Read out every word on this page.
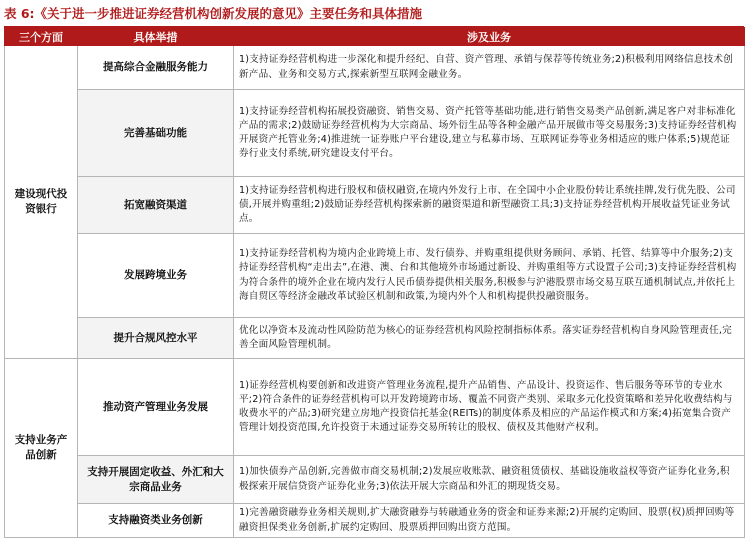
表 6:《关于进一步推进证券经营机构创新发展的意见》主要任务和具体措施
三个方面	具体举措	涉及业务
建设现代投资银行	提高综合金融服务能力	1)支持证券经营机构进一步深化和提升经纪、自营、资产管理、承销与保荐等传统业务;2)积极利用网络信息技术创新产品、业务和交易方式,探索新型互联网金融业务。
	完善基础功能	1)支持证券经营机构拓展投资融资、销售交易、资产托管等基础功能,进行销售交易类产品创新,满足客户对非标准化产品的需求;2)鼓励证券经营机构为大宗商品、场外衍生品等各种金融产品开展做市等交易服务;3)支持证券经营机构开展资产托管业务;4)推进统一证券账户平台建设,建立与私募市场、互联网证券等业务相适应的账户体系;5)规范证券行业支付系统,研究建设支付平台。
	拓宽融资渠道	1)支持证券经营机构进行股权和债权融资,在境内外发行上市、在全国中小企业股份转让系统挂牌,发行优先股、公司债,开展并购重组;2)鼓励证券经营机构探索新的融资渠道和新型融资工具;3)支持证券经营机构开展收益凭证业务试点。
	发展跨境业务	1)支持证券经营机构为境内企业跨境上市、发行债券、并购重组提供财务顾问、承销、托管、结算等中介服务;2)支持证券经营机构“走出去”,在港、澳、台和其他境外市场通过新设、并购重组等方式设置子公司;3)支持证券经营机构为符合条件的境外企业在境内发行人民币债券提供相关服务,积极参与沪港股票市场交易互联互通机制试点,并依托上海自贸区等经济金融改革试验区机制和政策,为境内外个人和机构提供投融资服务。
	提升合规风控水平	优化以净资本及流动性风险防范为核心的证券经营机构风险控制指标体系。落实证券经营机构自身风险管理责任,完善全面风险管理机制。
支持业务产品创新	推动资产管理业务发展	1)证券经营机构要创新和改进资产管理业务流程,提升产品销售、产品设计、投资运作、售后服务等环节的专业水平;2)符合条件的证券经营机构可以开发跨境跨市场、覆盖不同资产类别、采取多元化投资策略和差异化收费结构与收费水平的产品;3)研究建立房地产投资信托基金(REITs)的制度体系及相应的产品运作模式和方案;4)拓宽集合资产管理计划投资范围,允许投资于未通过证券交易所转让的股权、债权及其他财产权利。
	支持开展固定收益、外汇和大宗商品业务	1)加快债券产品创新,完善做市商交易机制;2)发展应收账款、融资租赁债权、基础设施收益权等资产证券化业务,积极探索开展信贷资产证券化业务;3)依法开展大宗商品和外汇的期现货交易。
	支持融资类业务创新	1)完善融资融券业务相关规则,扩大融资融券与转融通业务的资金和证券来源;2)开展约定购回、股票(权)质押回购等融资担保类业务创新,扩展约定购回、股票质押回购出资方范围。
